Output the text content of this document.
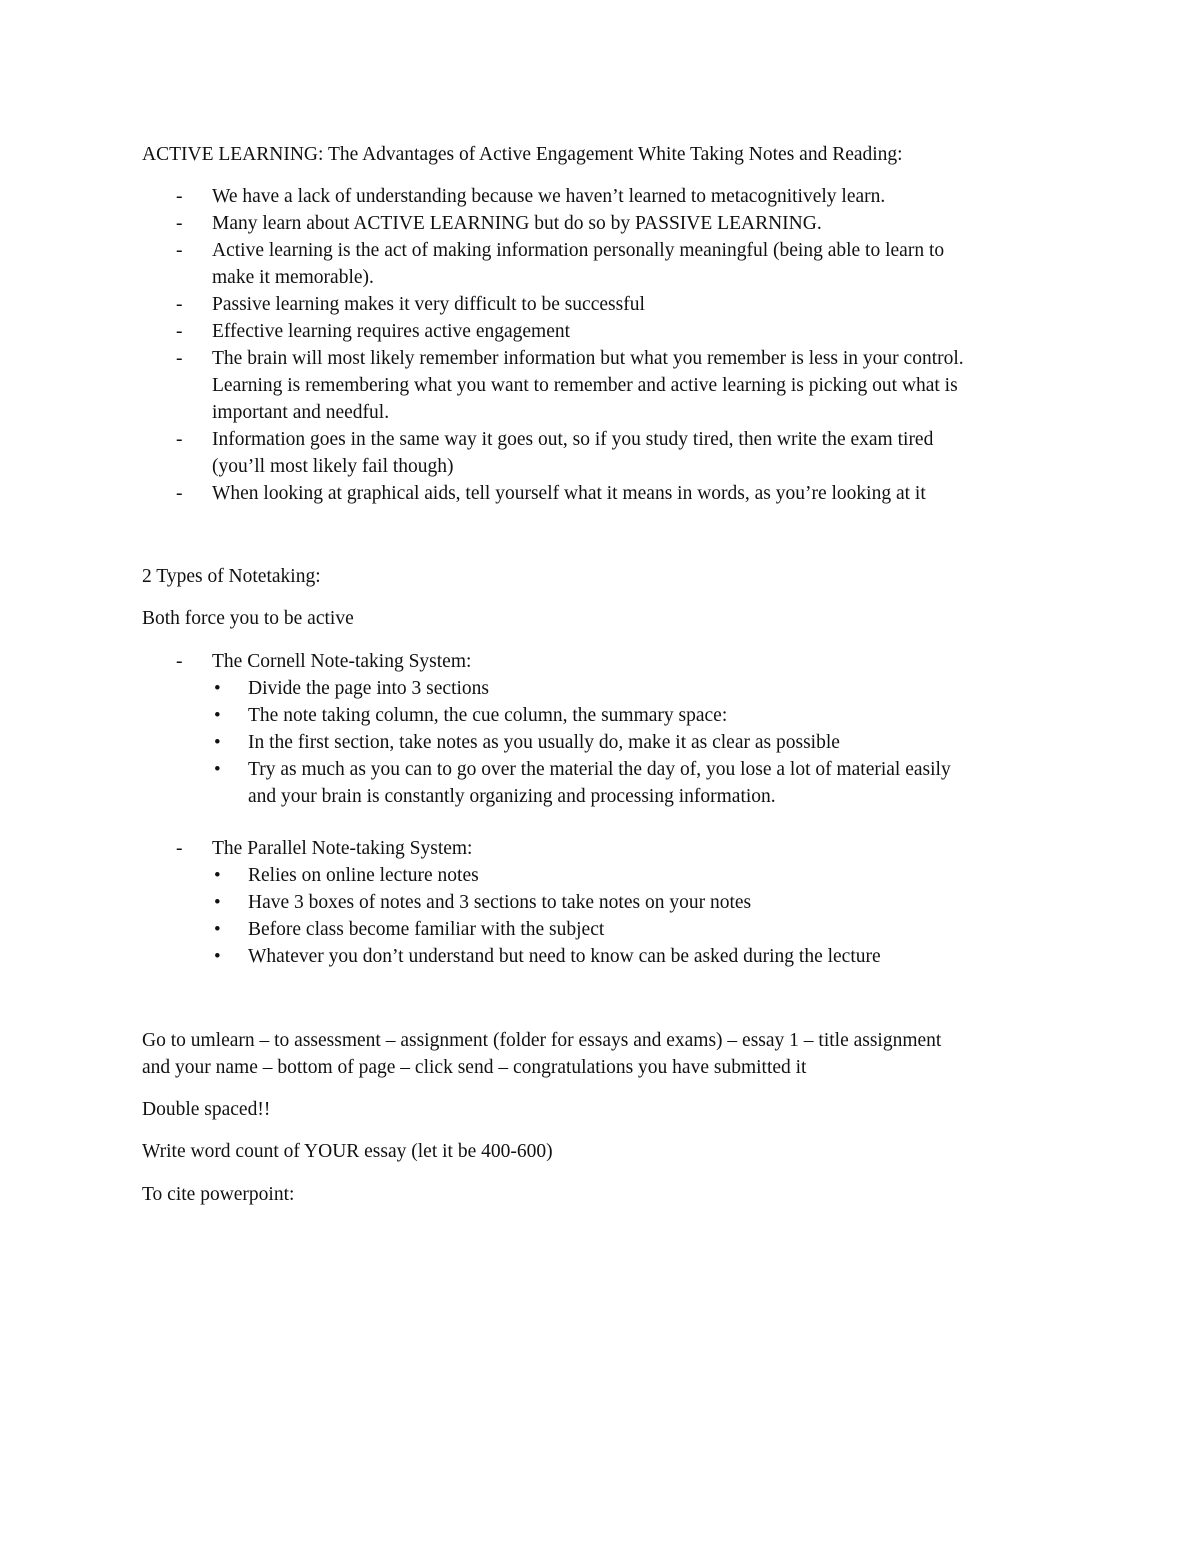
ACTIVE LEARNING: The Advantages of Active Engagement White Taking Notes and Reading:

- We have a lack of understanding because we haven’t learned to metacognitively learn.
- Many learn about ACTIVE LEARNING but do so by PASSIVE LEARNING.
- Active learning is the act of making information personally meaningful (being able to learn to
make it memorable).
- Passive learning makes it very difficult to be successful
- Effective learning requires active engagement
- The brain will most likely remember information but what you remember is less in your control.
Learning is remembering what you want to remember and active learning is picking out what is
important and needful.
- Information goes in the same way it goes out, so if you study tired, then write the exam tired
(you’ll most likely fail though)
- When looking at graphical aids, tell yourself what it means in words, as you’re looking at it

2 Types of Notetaking:

Both force you to be active

- The Cornell Note-taking System:
• Divide the page into 3 sections
• The note taking column, the cue column, the summary space:
• In the first section, take notes as you usually do, make it as clear as possible
• Try as much as you can to go over the material the day of, you lose a lot of material easily
and your brain is constantly organizing and processing information.
- The Parallel Note-taking System:
• Relies on online lecture notes
• Have 3 boxes of notes and 3 sections to take notes on your notes
• Before class become familiar with the subject
• Whatever you don’t understand but need to know can be asked during the lecture
Go to umlearn – to assessment – assignment (folder for essays and exams) – essay 1 – title assignment
and your name – bottom of page – click send – congratulations you have submitted it

Double spaced!!

Write word count of YOUR essay (let it be 400-600)

To cite powerpoint:
